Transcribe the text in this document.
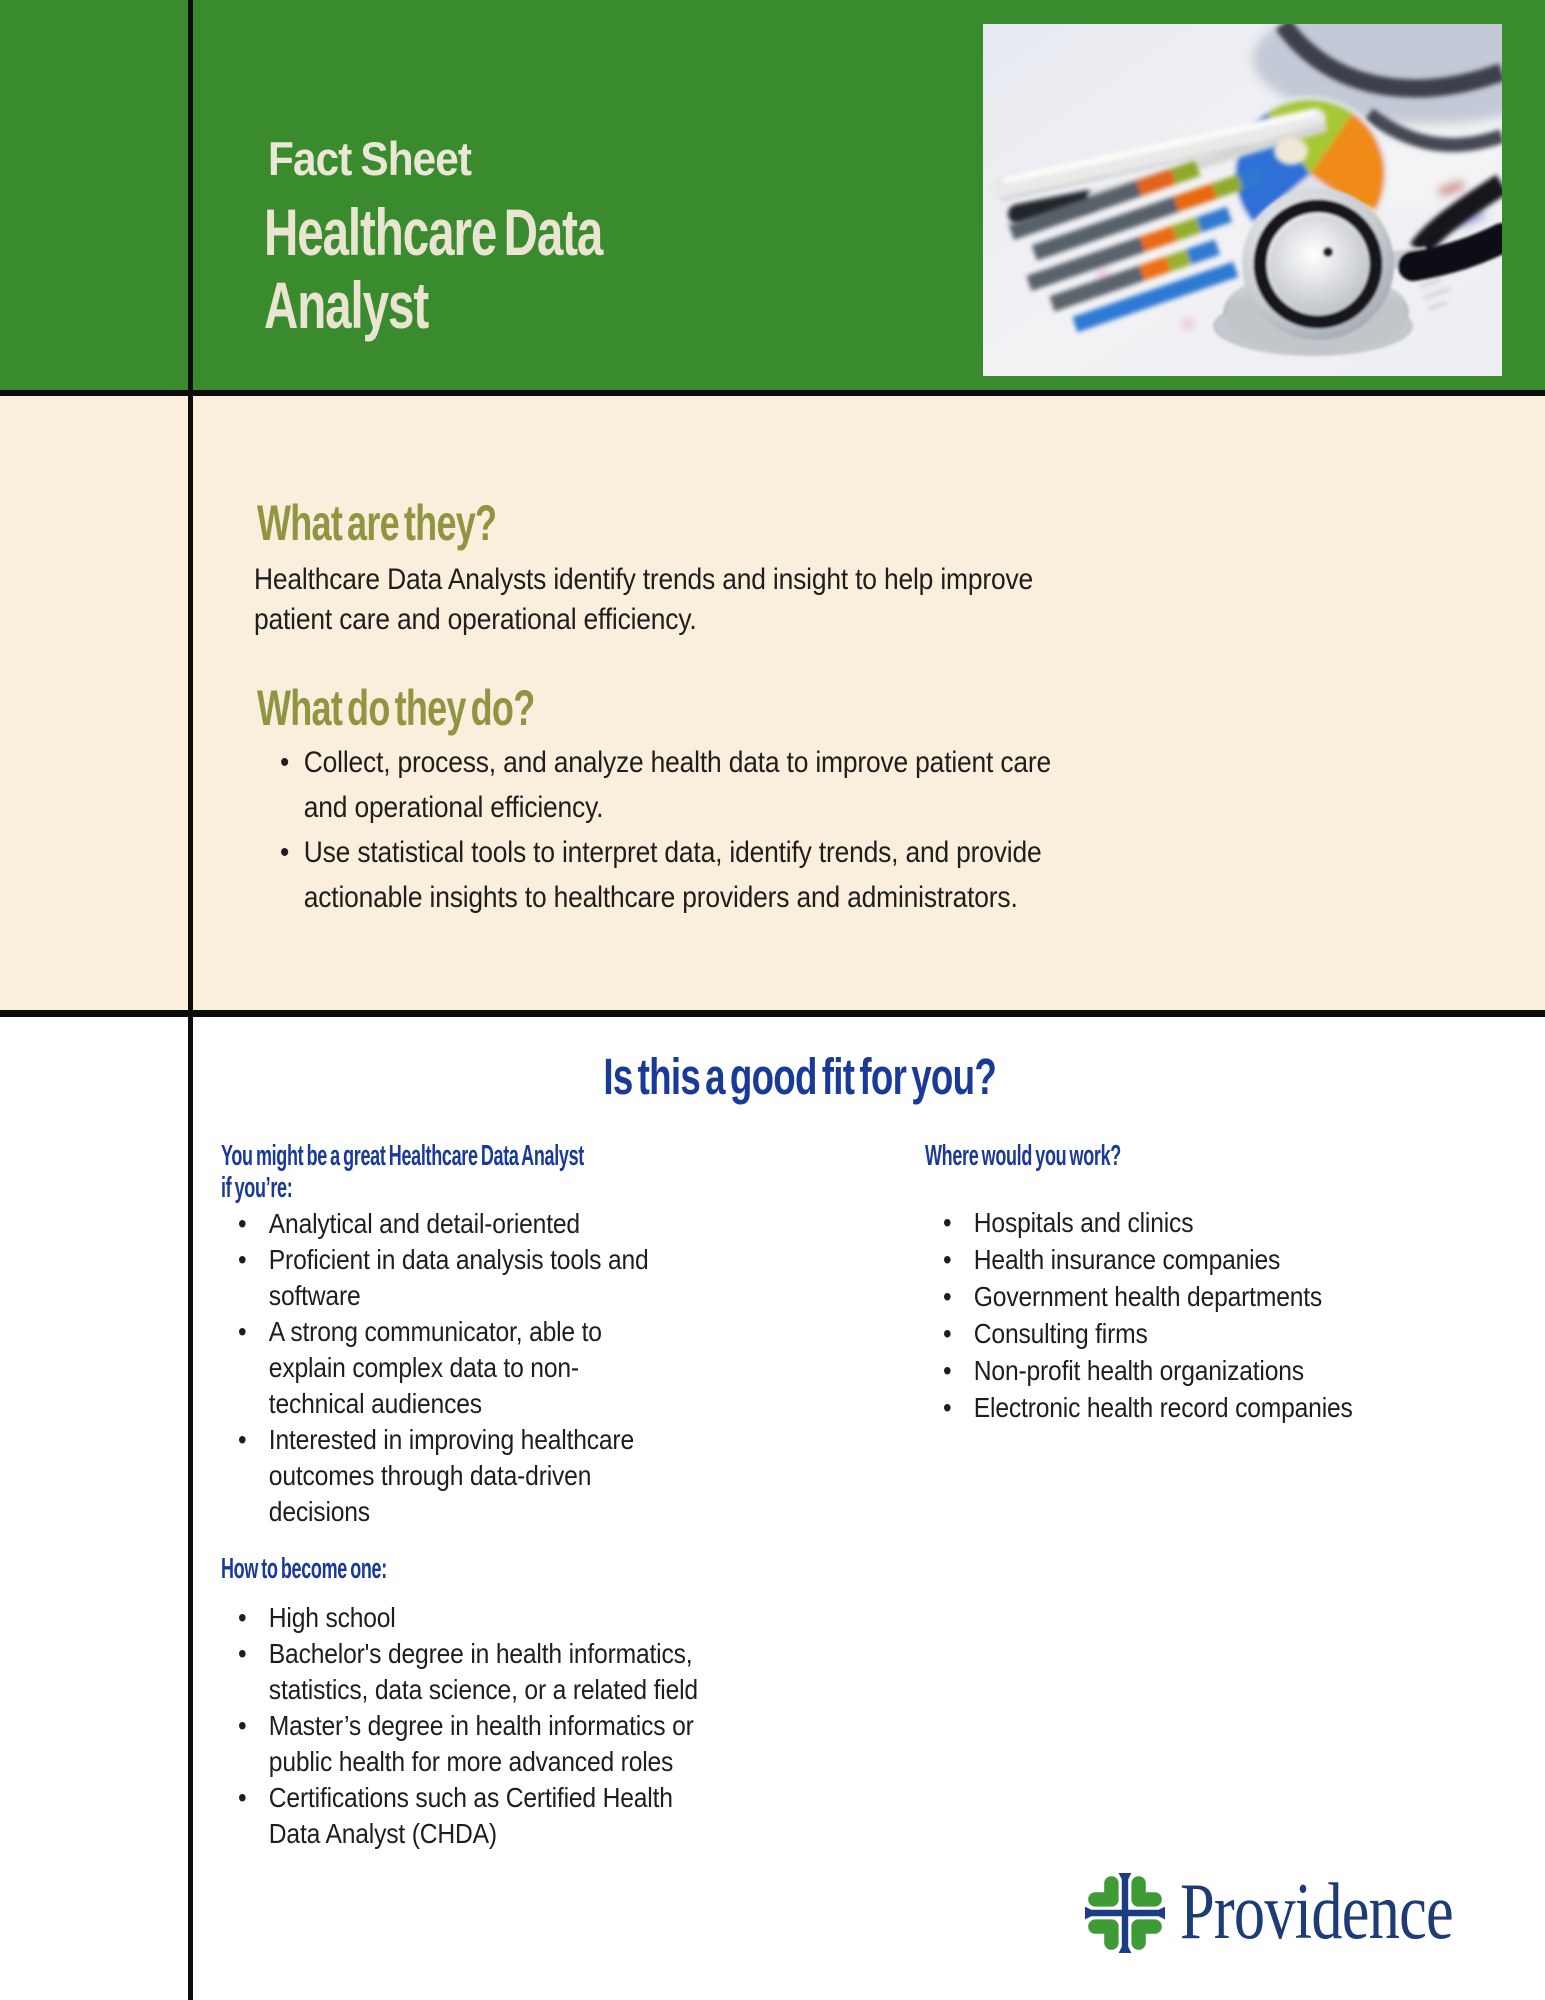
Fact Sheet
Healthcare Data
Analyst
What are they?
Healthcare Data Analysts identify trends and insight to help improve
patient care and operational efficiency.
What do they do?
• Collect, process, and analyze health data to improve patient care
and operational efficiency.
• Use statistical tools to interpret data, identify trends, and provide
actionable insights to healthcare providers and administrators.
Is this a good fit for you?
You might be a great Healthcare Data Analyst
if you’re:
• Analytical and detail-oriented
• Proficient in data analysis tools and
software
• A strong communicator, able to
explain complex data to non-
technical audiences
• Interested in improving healthcare
outcomes through data-driven
decisions
How to become one:
• High school
• Bachelor's degree in health informatics,
statistics, data science, or a related field
• Master’s degree in health informatics or
public health for more advanced roles
• Certifications such as Certified Health
Data Analyst (CHDA)
Where would you work?
• Hospitals and clinics
• Health insurance companies
• Government health departments
• Consulting firms
• Non-profit health organizations
• Electronic health record companies
Providence
